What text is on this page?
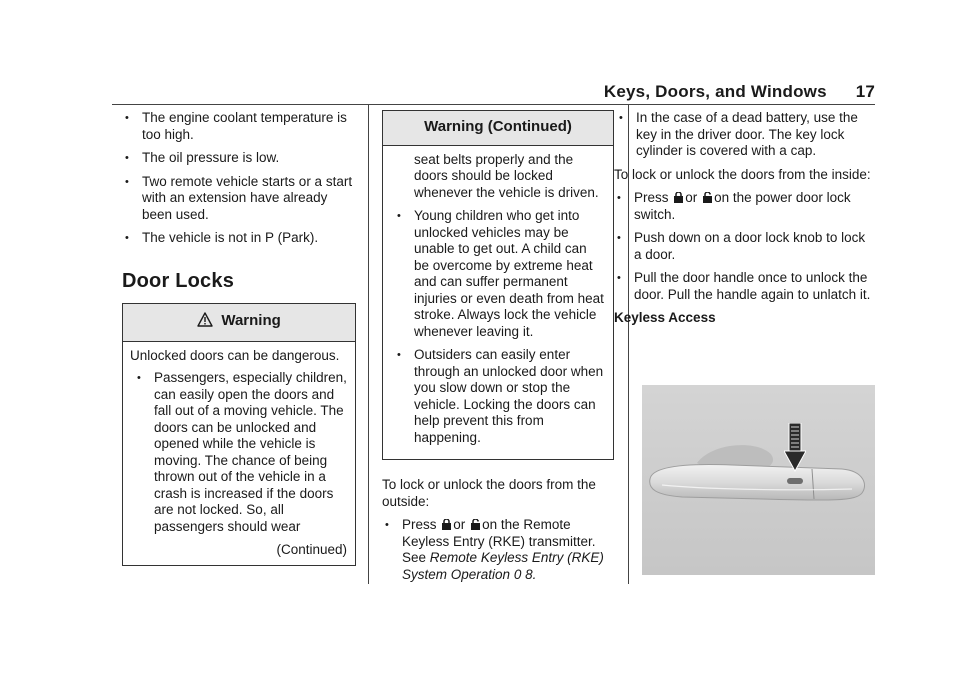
Keys, Doors, and Windows 17
• The engine coolant temperature is too high.
• The oil pressure is low.
• Two remote vehicle starts or a start with an extension have already been used.
• The vehicle is not in P (Park).
Door Locks
Warning

Unlocked doors can be dangerous.

• Passengers, especially children, can easily open the doors and fall out of a moving vehicle. The doors can be unlocked and opened while the vehicle is moving. The chance of being thrown out of the vehicle in a crash is increased if the doors are not locked. So, all passengers should wear
(Continued)
Warning (Continued)
seat belts properly and the doors should be locked whenever the vehicle is driven.
• Young children who get into unlocked vehicles may be unable to get out. A child can be overcome by extreme heat and can suffer permanent injuries or even death from heat stroke. Always lock the vehicle whenever leaving it.
• Outsiders can easily enter through an unlocked door when you slow down or stop the vehicle. Locking the doors can help prevent this from happening.

To lock or unlock the doors from the outside:

• Press or on the Remote Keyless Entry (RKE) transmitter. See Remote Keyless Entry (RKE) System Operation 0 8.
• In the case of a dead battery, use the key in the driver door. The key lock cylinder is covered with a cap.

To lock or unlock the doors from the inside:

• Press or on the power door lock switch.
• Push down on a door lock knob to lock a door.
• Pull the door handle once to unlock the door. Pull the handle again to unlatch it.
Keyless Access
